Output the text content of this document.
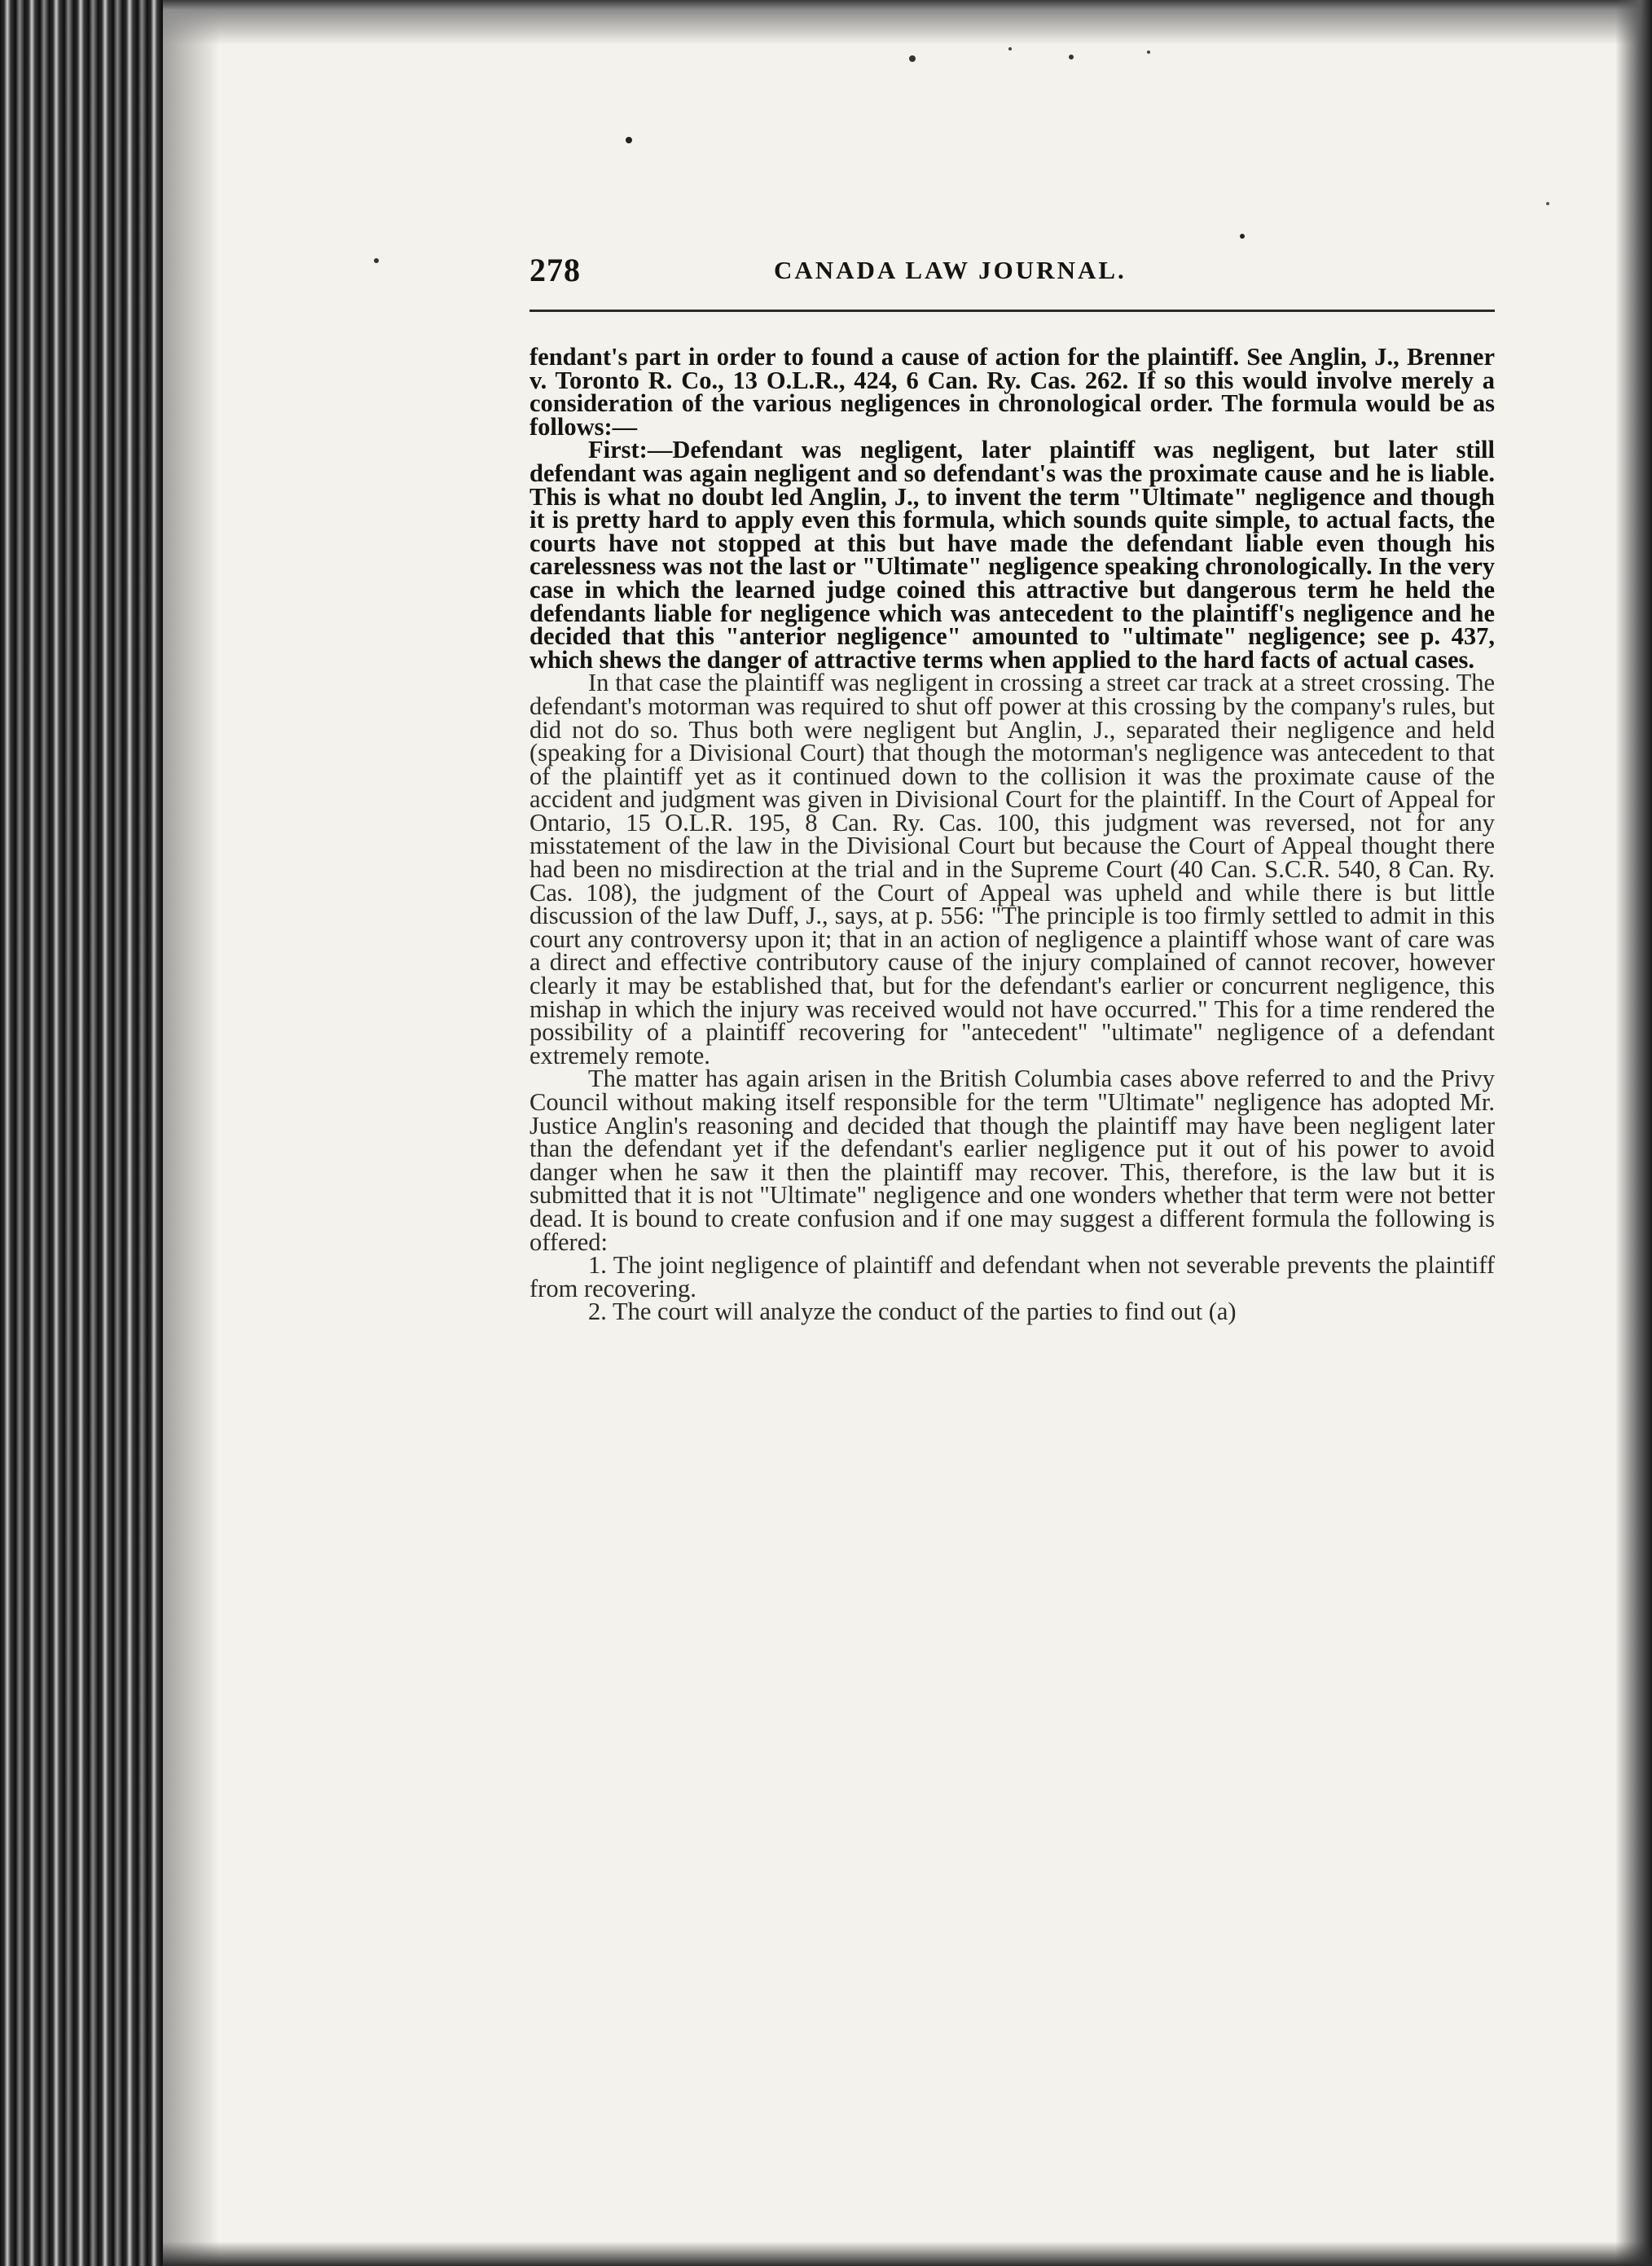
278	CANADA LAW JOURNAL.

fendant's part in order to found a cause of action for the plaintiff. See Anglin, J., Brenner v. Toronto R. Co., 13 O.L.R., 424, 6 Can. Ry. Cas. 262. If so this would involve merely a consideration of the various negligences in chronological order. The formula would be as follows:—

First:—Defendant was negligent, later plaintiff was negligent, but later still defendant was again negligent and so defendant's was the proximate cause and he is liable. This is what no doubt led Anglin, J., to invent the term "Ultimate" negligence and though it is pretty hard to apply even this formula, which sounds quite simple, to actual facts, the courts have not stopped at this but have made the defendant liable even though his carelessness was not the last or "Ultimate" negligence speaking chronologically. In the very case in which the learned judge coined this attractive but dangerous term he held the defendants liable for negligence which was antecedent to the plaintiff's negligence and he decided that this "anterior negligence" amounted to "ultimate" negligence; see p. 437, which shews the danger of attractive terms when applied to the hard facts of actual cases.

In that case the plaintiff was negligent in crossing a street car track at a street crossing. The defendant's motorman was required to shut off power at this crossing by the company's rules, but did not do so. Thus both were negligent but Anglin, J., separated their negligence and held (speaking for a Divisional Court) that though the motorman's negligence was antecedent to that of the plaintiff yet as it continued down to the collision it was the proximate cause of the accident and judgment was given in Divisional Court for the plaintiff. In the Court of Appeal for Ontario, 15 O.L.R. 195, 8 Can. Ry. Cas. 100, this judgment was reversed, not for any misstatement of the law in the Divisional Court but because the Court of Appeal thought there had been no misdirection at the trial and in the Supreme Court (40 Can. S.C.R. 540, 8 Can. Ry. Cas. 108), the judgment of the Court of Appeal was upheld and while there is but little discussion of the law Duff, J., says, at p. 556: "The principle is too firmly settled to admit in this court any controversy upon it; that in an action of negligence a plaintiff whose want of care was a direct and effective contributory cause of the injury complained of cannot recover, however clearly it may be established that, but for the defendant's earlier or concurrent negligence, this mishap in which the injury was received would not have occurred." This for a time rendered the possibility of a plaintiff recovering for "antecedent" "ultimate" negligence of a defendant extremely remote.

The matter has again arisen in the British Columbia cases above referred to and the Privy Council without making itself responsible for the term "Ultimate" negligence has adopted Mr. Justice Anglin's reasoning and decided that though the plaintiff may have been negligent later than the defendant yet if the defendant's earlier negligence put it out of his power to avoid danger when he saw it then the plaintiff may recover. This, therefore, is the law but it is submitted that it is not "Ultimate" negligence and one wonders whether that term were not better dead. It is bound to create confusion and if one may suggest a different formula the following is offered:

1. The joint negligence of plaintiff and defendant when not severable prevents the plaintiff from recovering.

2. The court will analyze the conduct of the parties to find out (a)
